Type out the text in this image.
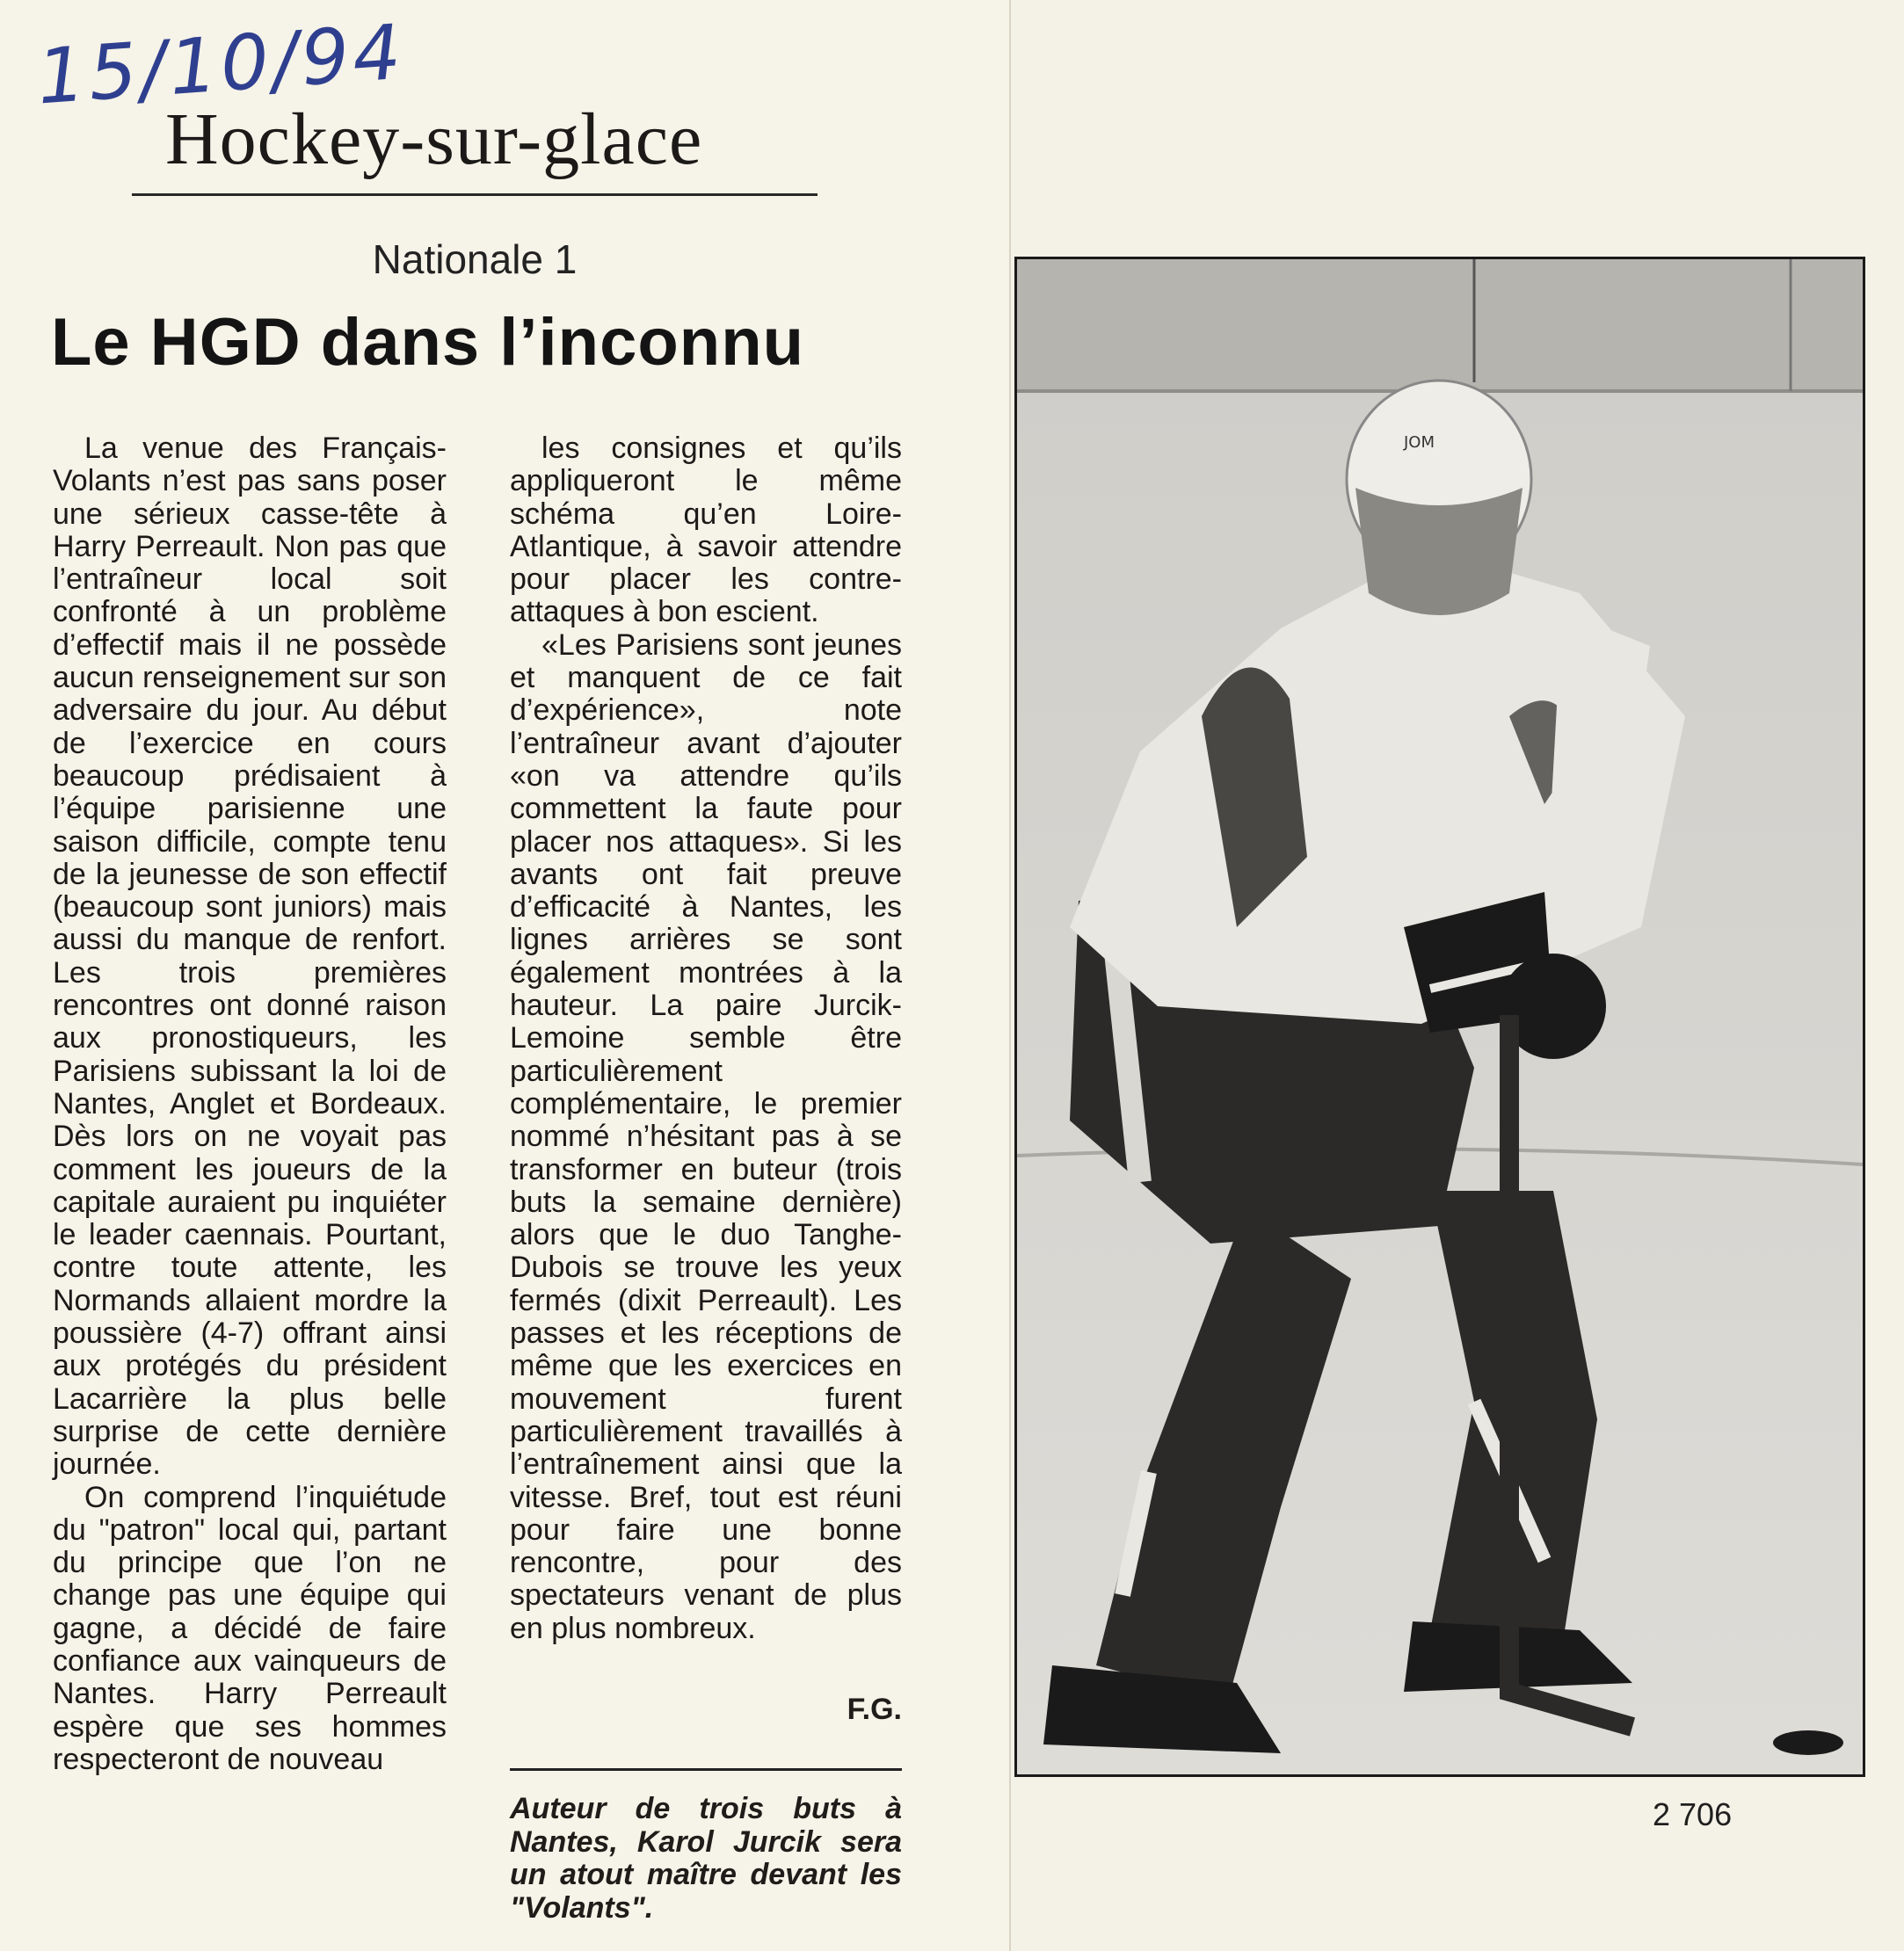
15/10/94
Hockey-sur-glace
Nationale 1
Le HGD dans l’inconnu

La venue des Français-Volants n’est pas sans poser une sérieux casse-tête à Harry Perreault. Non pas que l’entraîneur local soit confronté à un problème d’effectif mais il ne possède aucun renseignement sur son adversaire du jour. Au début de l’exercice en cours beaucoup prédisaient à l’équipe parisienne une saison difficile, compte tenu de la jeunesse de son effectif (beaucoup sont juniors) mais aussi du manque de renfort. Les trois premières rencontres ont donné raison aux pronostiqueurs, les Parisiens subissant la loi de Nantes, Anglet et Bordeaux. Dès lors on ne voyait pas comment les joueurs de la capitale auraient pu inquiéter le leader caennais. Pourtant, contre toute attente, les Normands allaient mordre la poussière (4-7) offrant ainsi aux protégés du président Lacarrière la plus belle surprise de cette dernière journée.

On comprend l’inquiétude du "patron" local qui, partant du principe que l’on ne change pas une équipe qui gagne, a décidé de faire confiance aux vainqueurs de Nantes. Harry Perreault espère que ses hommes respecteront de nouveau

les consignes et qu’ils appliqueront le même schéma qu’en Loire-Atlantique, à savoir attendre pour placer les contre-attaques à bon escient.

«Les Parisiens sont jeunes et manquent de ce fait d’expérience», note l’entraîneur avant d’ajouter «on va attendre qu’ils commettent la faute pour placer nos attaques». Si les avants ont fait preuve d’efficacité à Nantes, les lignes arrières se sont également montrées à la hauteur. La paire Jurcik-Lemoine semble être particulièrement complémentaire, le premier nommé n’hésitant pas à se transformer en buteur (trois buts la semaine dernière) alors que le duo Tanghe-Dubois se trouve les yeux fermés (dixit Perreault). Les passes et les réceptions de même que les exercices en mouvement furent particulièrement travaillés à l’entraînement ainsi que la vitesse. Bref, tout est réuni pour faire une bonne rencontre, pour des spectateurs venant de plus en plus nombreux.

F.G.
Auteur de trois buts à Nantes, Karol Jurcik sera un atout maître devant les "Volants".
JOM
2 706
